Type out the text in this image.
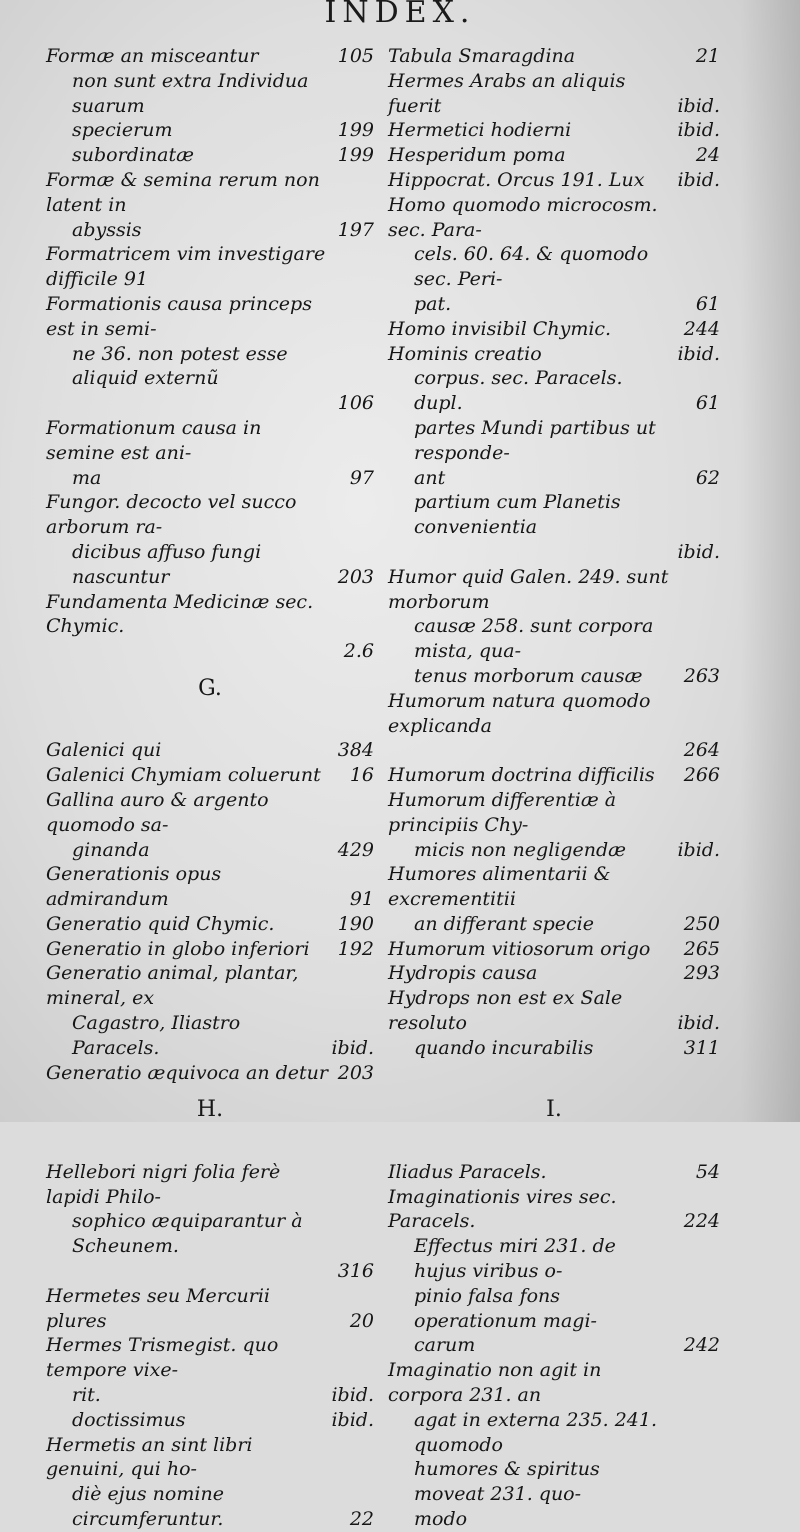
INDEX.
Formæ an misceantur	105
non sunt extra Individua suarum
specierum	199
subordinatæ	199
Formæ & semina rerum non latent in
abyssis	197
Formatricem vim investigare difficile 91
Formationis causa princeps est in semi-
ne 36. non potest esse aliquid externũ
106
Formationum causa in semine est ani-
ma	97
Fungor. decocto vel succo arborum ra-
dicibus affuso fungi nascuntur	203
Fundamenta Medicinæ sec. Chymic.
2.6
G.
Galenici qui	384
Galenici Chymiam coluerunt 16
Gallina auro & argento quomodo sa-
ginanda	429
Generationis opus admirandum	91
Generatio quid Chymic.	190
Generatio in globo inferiori 192
Generatio animal, plantar, mineral, ex
Cagastro, Iliastro Paracels.	ibid.
Generatio æquivoca an detur 203
H.
Hellebori nigri folia ferè lapidi Philo-
sophico æquiparantur à Scheunem.
316
Hermetes seu Mercurii plures	20
Hermes Trismegist. quo tempore vixe-
rit.	ibid.
doctissimus	ibid.
Hermetis an sint libri genuini, qui ho-
diè ejus nomine circumferuntur.	22
Tabula Smaragdina	21
Hermes Arabs an aliquis fuerit	ibid.
Hermetici hodierni	ibid.
Hesperidum poma	24
Hippocrat. Orcus 191. Lux ibid.
Homo quomodo microcosm. sec. Para-
cels. 60. 64. & quomodo sec. Peri-
pat.	61
Homo invisibil Chymic.	244
Hominis creatio	ibid.
corpus. sec. Paracels. dupl.	61
partes Mundi partibus ut responde-
ant	62
partium cum Planetis convenientia
ibid.
Humor quid Galen. 249. sunt morborum
causæ 258. sunt corpora mista, qua-
tenus morborum causæ 263
Humorum natura quomodo explicanda
264
Humorum doctrina difficilis 266
Humorum differentiæ à principiis Chy-
micis non negligendæ	ibid.
Humores alimentarii & excrementitii
an differant specie	250
Humorum vitiosorum origo 265
Hydropis causa	293
Hydrops non est ex Sale resoluto	ibid.
quando incurabilis	311
I.
Iliadus Paracels.	54
Imaginationis vires sec. Paracels.	224
Effectus miri 231. de hujus viribus o-
pinio falsa fons operationum magi-
carum	242
Imaginatio non agit in corpora 231. an
agat in externa 235. 241. quomodo
humores & spiritus moveat 231. quo-
modo
